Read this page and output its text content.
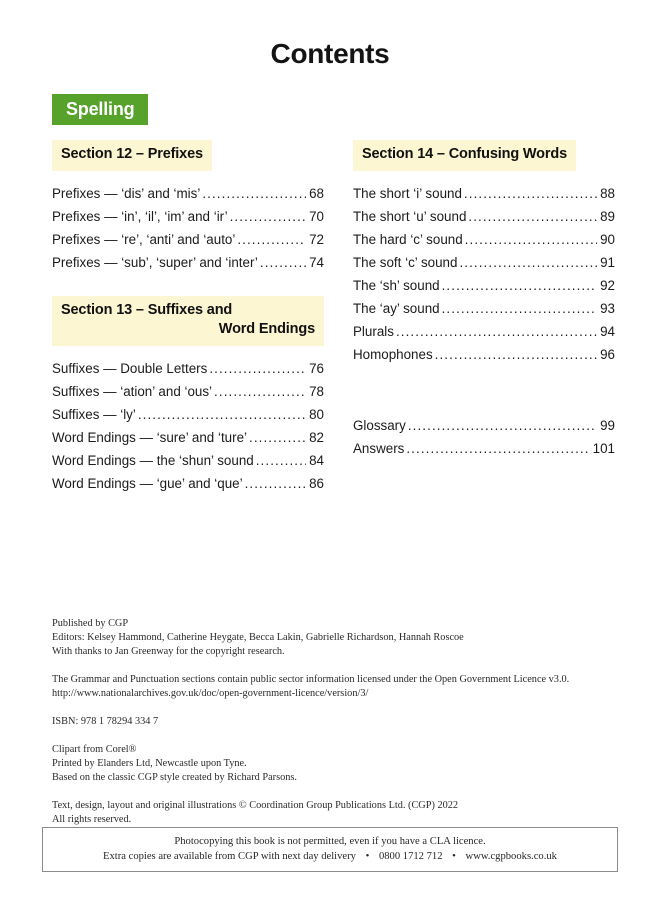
Contents
Spelling
Section 12 – Prefixes
Prefixes — ‘dis’ and ‘mis’ .....	68
Prefixes — ‘in’, ‘il’, ‘im’ and ‘ir’ .....	70
Prefixes — ‘re’, ‘anti’ and ‘auto’ .....	72
Prefixes — ‘sub’, ‘super’ and ‘inter’ .....	74
Section 13 – Suffixes and
Word Endings
Suffixes — Double Letters .....	76
Suffixes — ‘ation’ and ‘ous’ .....	78
Suffixes — ‘ly’ .....	80
Word Endings — ‘sure’ and ‘ture’ .....	82
Word Endings — the ‘shun’ sound .....	84
Word Endings — ‘gue’ and ‘que’ .....	86
Section 14 – Confusing Words
The short ‘i’ sound .....	88
The short ‘u’ sound .....	89
The hard ‘c’ sound .....	90
The soft ‘c’ sound .....	91
The ‘sh’ sound .....	92
The ‘ay’ sound .....	93
Plurals .....	94
Homophones .....	96
Glossary .....	99
Answers .....	101

Published by CGP

Editors: Kelsey Hammond, Catherine Heygate, Becca Lakin, Gabrielle Richardson, Hannah Roscoe

With thanks to Jan Greenway for the copyright research.

The Grammar and Punctuation sections contain public sector information licensed under the Open Government Licence v3.0.

http://www.nationalarchives.gov.uk/doc/open-government-licence/version/3/

ISBN: 978 1 78294 334 7

Clipart from Corel®

Printed by Elanders Ltd, Newcastle upon Tyne.

Based on the classic CGP style created by Richard Parsons.

Text, design, layout and original illustrations © Coordination Group Publications Ltd. (CGP) 2022

All rights reserved.

Photocopying this book is not permitted, even if you have a CLA licence.
Extra copies are available from CGP with next day delivery • 0800 1712 712 • www.cgpbooks.co.uk
